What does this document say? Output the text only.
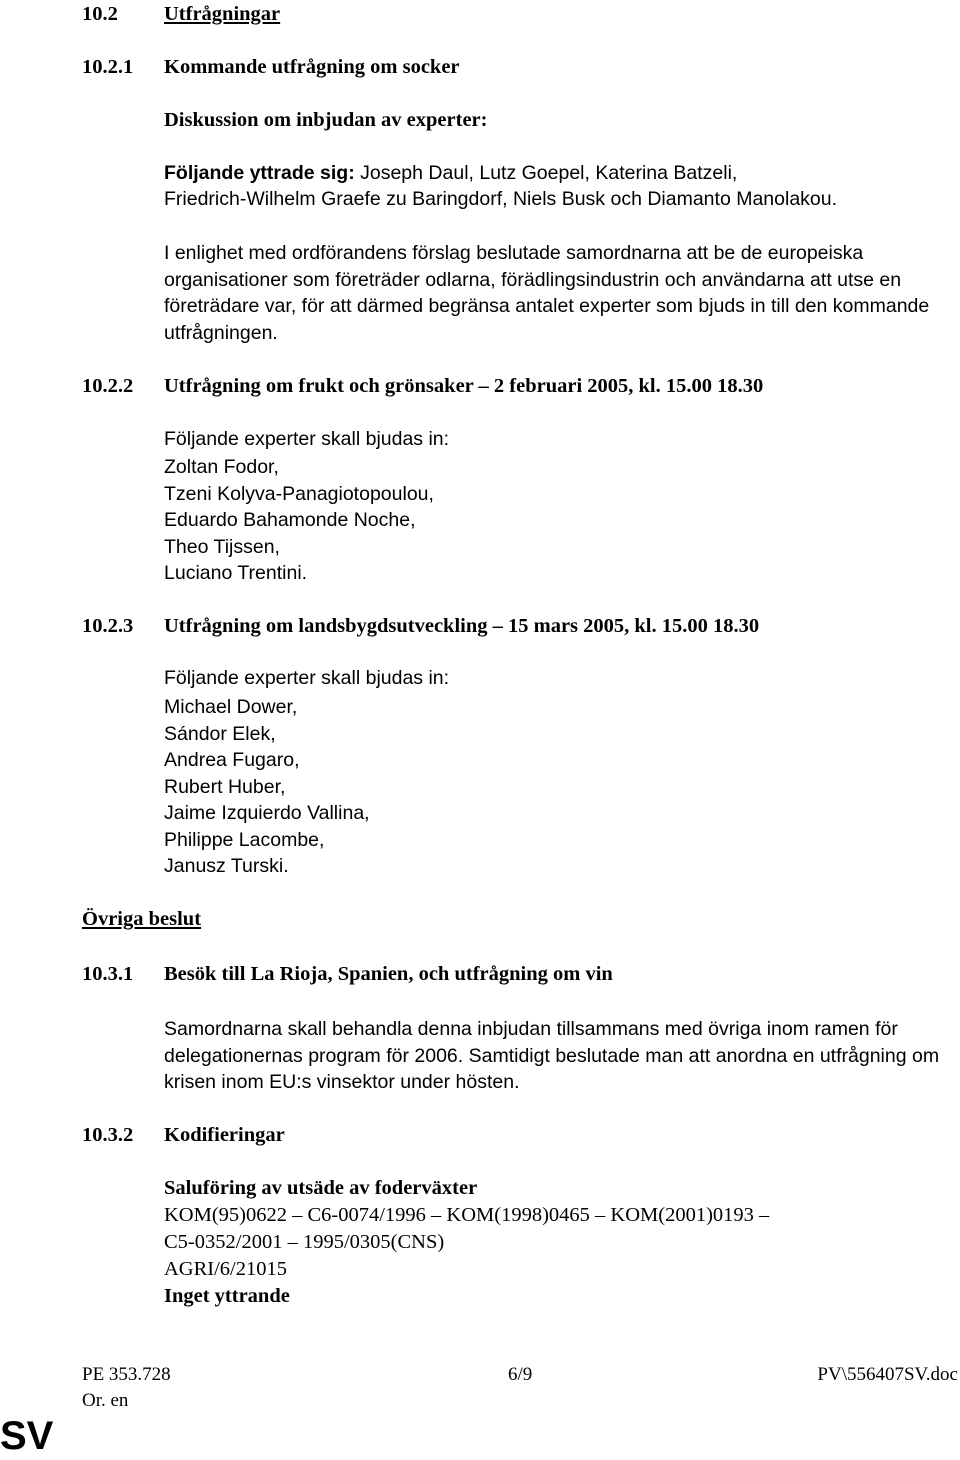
10.2 Utfrågningar
10.2.1 Kommande utfrågning om socker
Diskussion om inbjudan av experter:
Följande yttrade sig: Joseph Daul, Lutz Goepel, Katerina Batzeli,
Friedrich-Wilhelm Graefe zu Baringdorf, Niels Busk och Diamanto Manolakou.
I enlighet med ordförandens förslag beslutade samordnarna att be de europeiska organisationer som företräder odlarna, förädlingsindustrin och användarna att utse en företrädare var, för att därmed begränsa antalet experter som bjuds in till den kommande utfrågningen.
10.2.2 Utfrågning om frukt och grönsaker – 2 februari 2005, kl. 15.00 18.30
Följande experter skall bjudas in:
Zoltan Fodor,
Tzeni Kolyva-Panagiotopoulou,
Eduardo Bahamonde Noche,
Theo Tijssen,
Luciano Trentini.
10.2.3 Utfrågning om landsbygdsutveckling – 15 mars 2005, kl. 15.00 18.30
Följande experter skall bjudas in:
Michael Dower,
Sándor Elek,
Andrea Fugaro,
Rubert Huber,
Jaime Izquierdo Vallina,
Philippe Lacombe,
Janusz Turski.
Övriga beslut
10.3.1 Besök till La Rioja, Spanien, och utfrågning om vin
Samordnarna skall behandla denna inbjudan tillsammans med övriga inom ramen för delegationernas program för 2006. Samtidigt beslutade man att anordna en utfrågning om krisen inom EU:s vinsektor under hösten.
10.3.2 Kodifieringar
Saluföring av utsäde av foderväxter
KOM(95)0622 – C6-0074/1996 – KOM(1998)0465 – KOM(2001)0193 –
C5-0352/2001 – 1995/0305(CNS)
AGRI/6/21015
Inget yttrande
PE 353.728	6/9	PV\556407SV.doc
Or. en
SV
